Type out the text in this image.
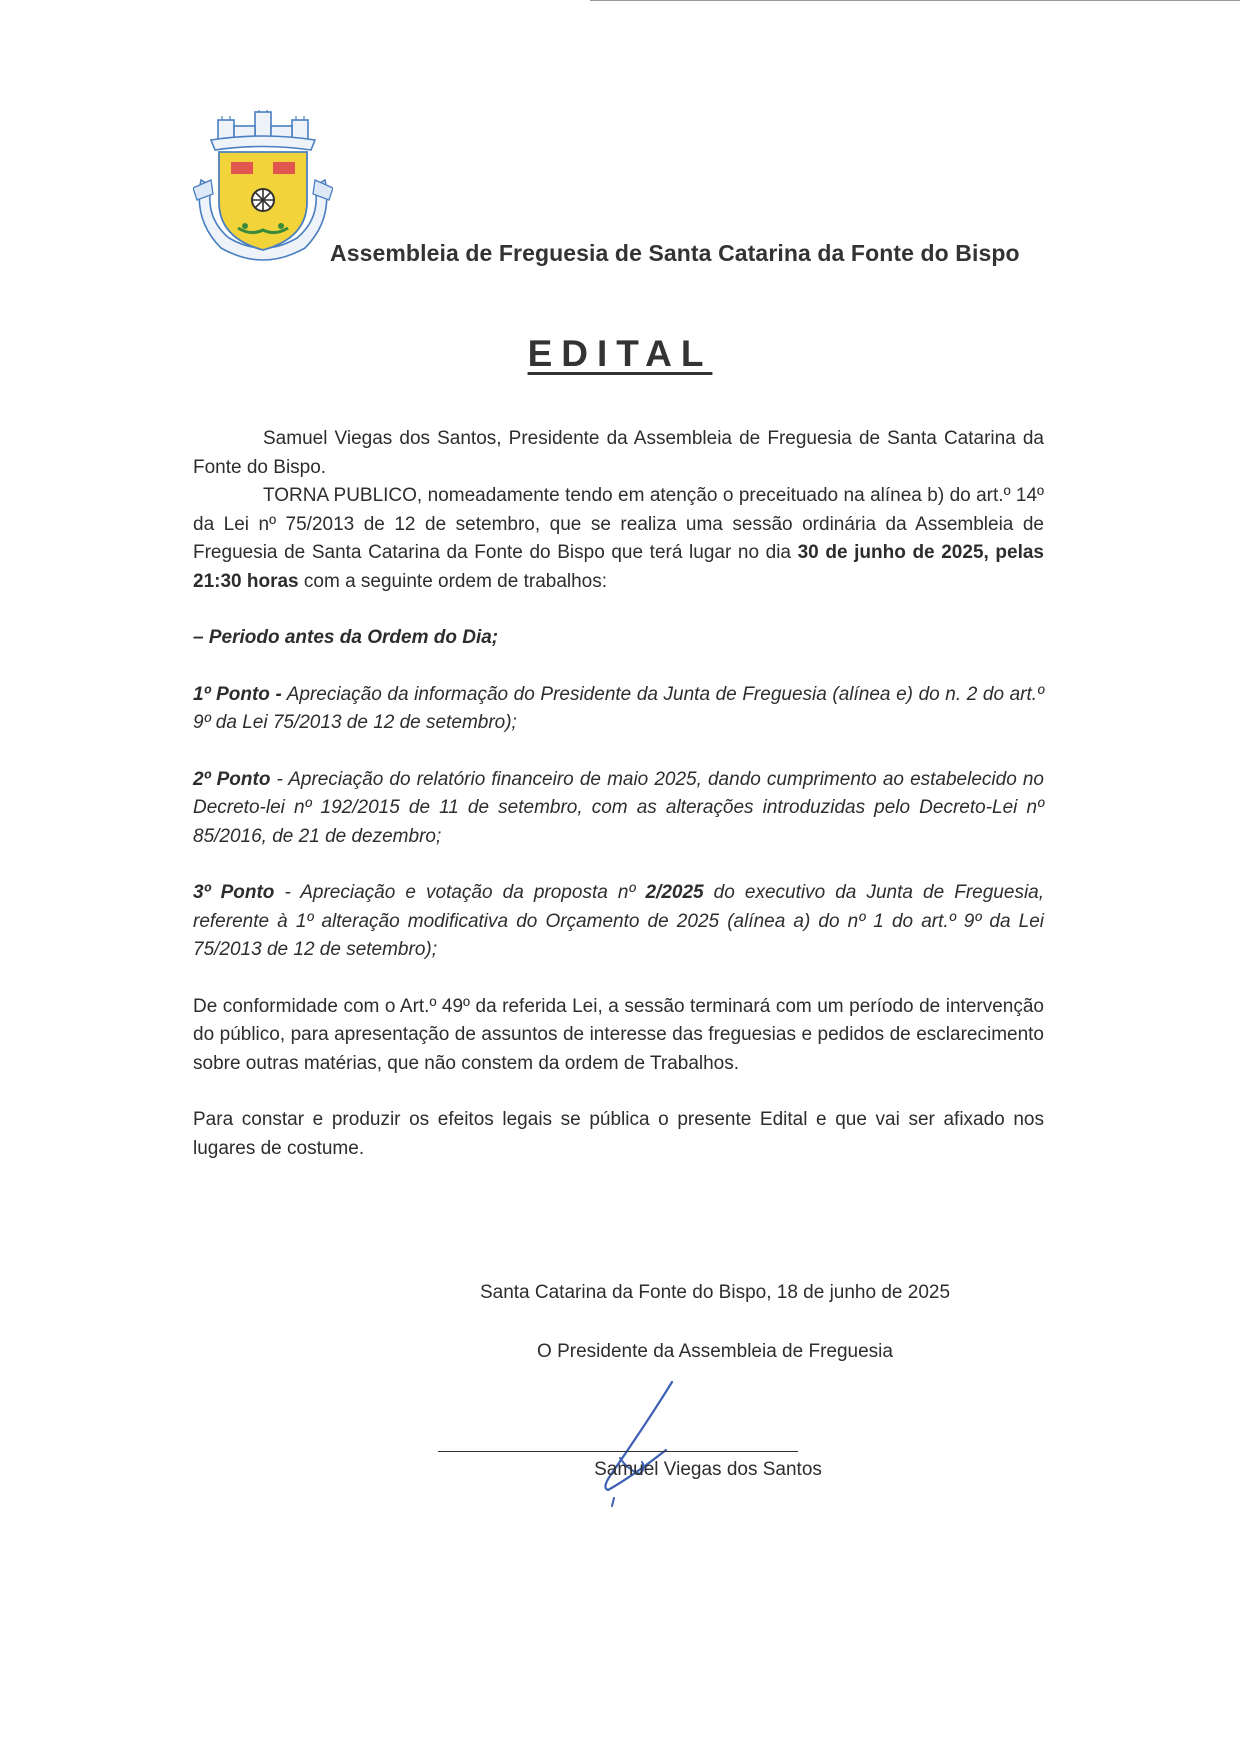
Assembleia de Freguesia de Santa Catarina da Fonte do Bispo
EDITAL

Samuel Viegas dos Santos, Presidente da Assembleia de Freguesia de Santa Catarina da Fonte do Bispo.

TORNA PUBLICO, nomeadamente tendo em atenção o preceituado na alínea b) do art.º 14º da Lei nº 75/2013 de 12 de setembro, que se realiza uma sessão ordinária da Assembleia de Freguesia de Santa Catarina da Fonte do Bispo que terá lugar no dia 30 de junho de 2025, pelas 21:30 horas com a seguinte ordem de trabalhos:

– Periodo antes da Ordem do Dia;

1º Ponto - Apreciação da informação do Presidente da Junta de Freguesia (alínea e) do n. 2 do art.º 9º da Lei 75/2013 de 12 de setembro);

2º Ponto - Apreciação do relatório financeiro de maio 2025, dando cumprimento ao estabelecido no Decreto-lei nº 192/2015 de 11 de setembro, com as alterações introduzidas pelo Decreto-Lei nº 85/2016, de 21 de dezembro;

3º Ponto - Apreciação e votação da proposta nº 2/2025 do executivo da Junta de Freguesia, referente à 1º alteração modificativa do Orçamento de 2025 (alínea a) do nº 1 do art.º 9º da Lei 75/2013 de 12 de setembro);

De conformidade com o Art.º 49º da referida Lei, a sessão terminará com um período de intervenção do público, para apresentação de assuntos de interesse das freguesias e pedidos de esclarecimento sobre outras matérias, que não constem da ordem de Trabalhos.

Para constar e produzir os efeitos legais se pública o presente Edital e que vai ser afixado nos lugares de costume.

Santa Catarina da Fonte do Bispo, 18 de junho de 2025
O Presidente da Assembleia de Freguesia
Samuel Viegas dos Santos
